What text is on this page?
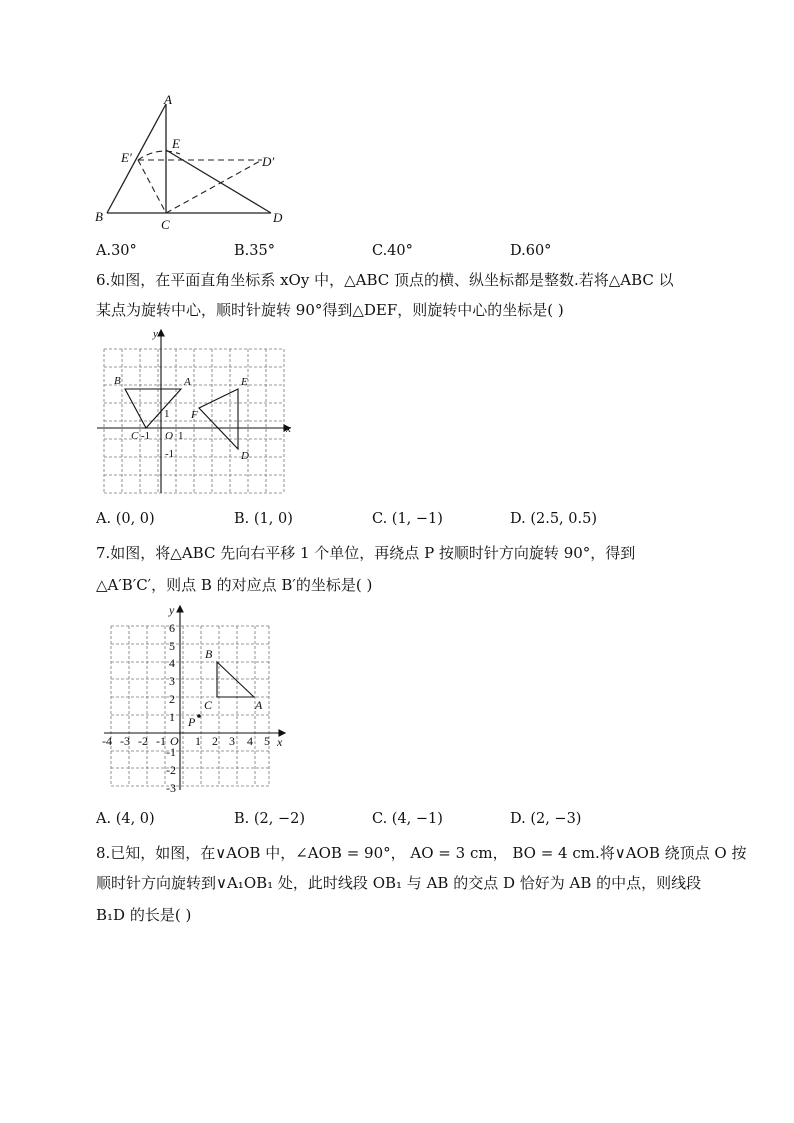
A
E
E′	D′
B
C	D
A.30°	B.35°	C.40°	D.60°
6.如图，在平面直角坐标系 xOy 中，△ABC 顶点的横、纵坐标都是整数.若将△ABC 以
某点为旋转中心，顺时针旋转 90°得到△DEF，则旋转中心的坐标是( )
y
x
B	A	E
F
C
D
1
-1 O 1
-1
A. (0, 0)	B. (1, 0)	C. (1, −1)	D. (2.5, 0.5)
7.如图，将△ABC 先向右平移 1 个单位，再绕点 P 按顺时针方向旋转 90°，得到
△A′B′C′，则点 B 的对应点 B′的坐标是( )
y
x
6
5
4
3
2
1
-1
-2
-3
-4 -3 -2 -1 O 1 2 3 4 5
B
A
C
P
A. (4, 0)	B. (2, −2)	C. (4, −1)	D. (2, −3)
8.已知，如图，在∨AOB 中，∠AOB = 90°， AO = 3 cm， BO = 4 cm.将∨AOB 绕顶点 O 按
顺时针方向旋转到∨A₁OB₁ 处，此时线段 OB₁ 与 AB 的交点 D 恰好为 AB 的中点，则线段
B₁D 的长是( )
